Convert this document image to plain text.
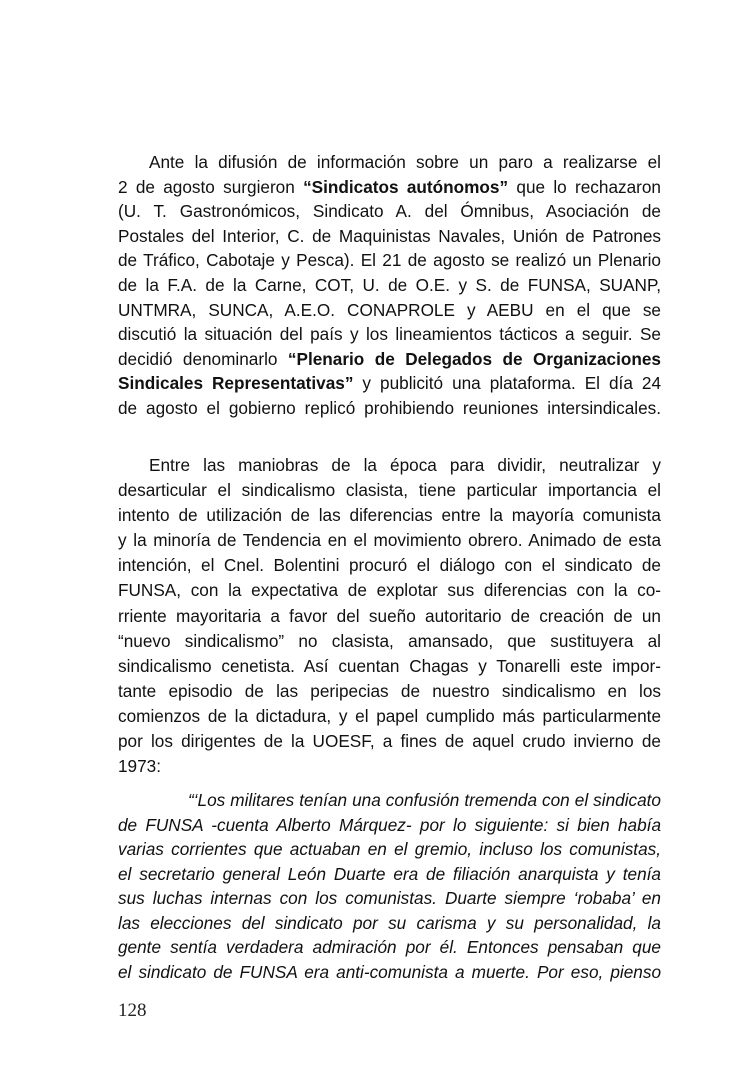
Ante la difusión de información sobre un paro a realizarse el
2 de agosto surgieron “Sindicatos autónomos” que lo rechazaron
(U. T. Gastronómicos, Sindicato A. del Ómnibus, Asociación de
Postales del Interior, C. de Maquinistas Navales, Unión de Patrones
de Tráfico, Cabotaje y Pesca). El 21 de agosto se realizó un Plenario
de la F.A. de la Carne, COT, U. de O.E. y S. de FUNSA, SUANP,
UNTMRA, SUNCA, A.E.O. CONAPROLE y AEBU en el que se
discutió la situación del país y los lineamientos tácticos a seguir. Se
decidió denominarlo “Plenario de Delegados de Organizaciones
Sindicales Representativas” y publicitó una plataforma. El día 24
de agosto el gobierno replicó prohibiendo reuniones intersindicales.
Entre las maniobras de la época para dividir, neutralizar y
desarticular el sindicalismo clasista, tiene particular importancia el
intento de utilización de las diferencias entre la mayoría comunista
y la minoría de Tendencia en el movimiento obrero. Animado de esta
intención, el Cnel. Bolentini procuró el diálogo con el sindicato de
FUNSA, con la expectativa de explotar sus diferencias con la co-
rriente mayoritaria a favor del sueño autoritario de creación de un
“nuevo sindicalismo” no clasista, amansado, que sustituyera al
sindicalismo cenetista. Así cuentan Chagas y Tonarelli este impor-
tante episodio de las peripecias de nuestro sindicalismo en los
comienzos de la dictadura, y el papel cumplido más particularmente
por los dirigentes de la UOESF, a fines de aquel crudo invierno de
1973:
“‘Los militares tenían una confusión tremenda con el sindicato
de FUNSA -cuenta Alberto Márquez- por lo siguiente: si bien había
varias corrientes que actuaban en el gremio, incluso los comunistas,
el secretario general León Duarte era de filiación anarquista y tenía
sus luchas internas con los comunistas. Duarte siempre ‘robaba’ en
las elecciones del sindicato por su carisma y su personalidad, la
gente sentía verdadera admiración por él. Entonces pensaban que
el sindicato de FUNSA era anti-comunista a muerte. Por eso, pienso
128
